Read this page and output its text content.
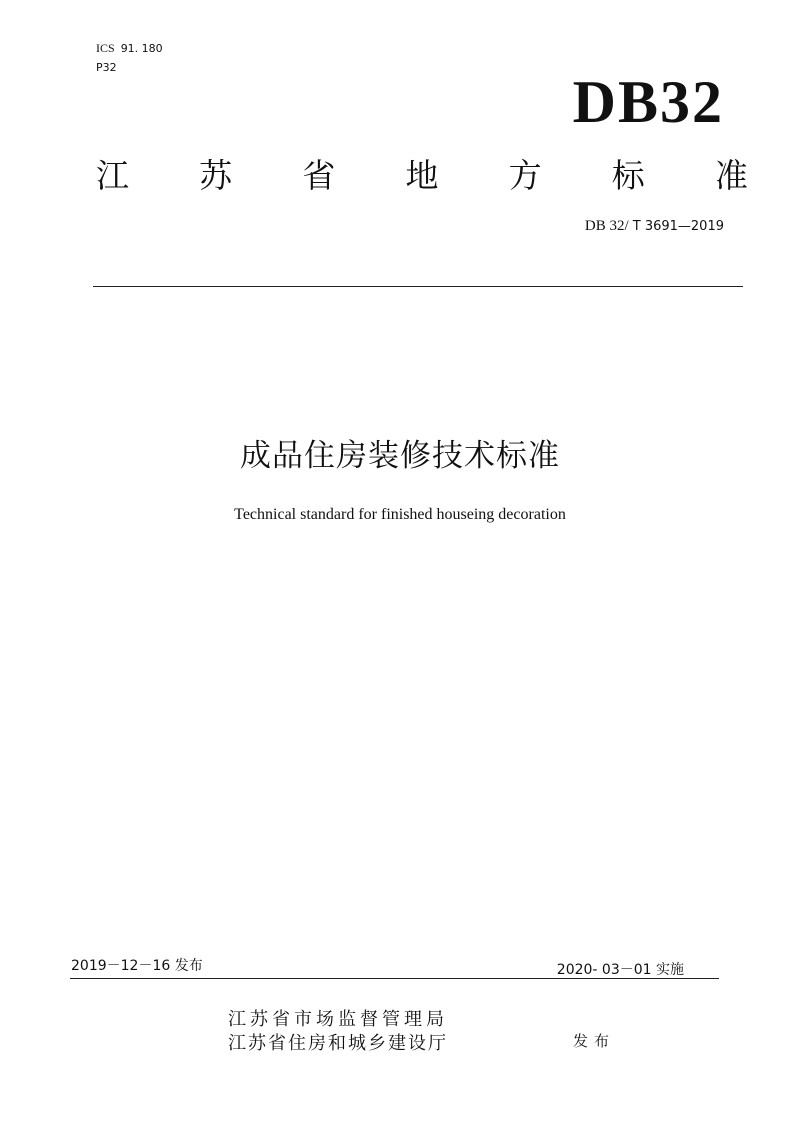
ICS 91. 180
P32
DB32
江 苏 省 地 方 标 准
DB 32/ T 3691—2019
成品住房装修技术标准
Technical standard for finished houseing decoration
2019－12－16 发布	2020- 03－01 实施
江苏省市场监督管理局
江苏省住房和城乡建设厅	发布
